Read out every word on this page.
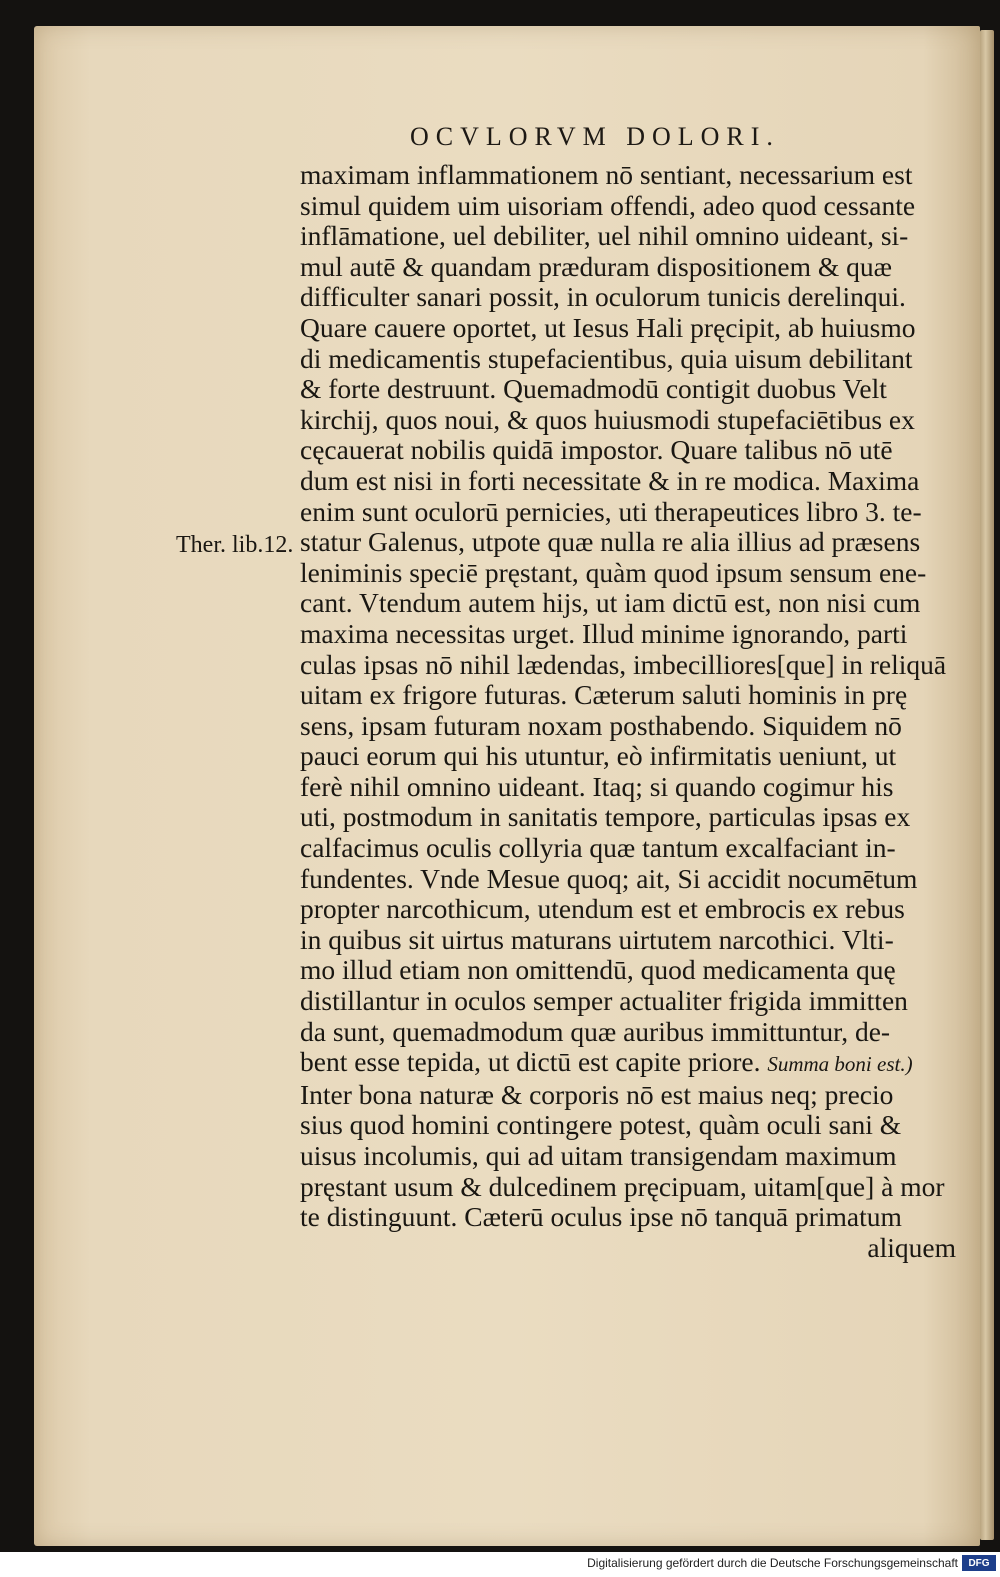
OCVLORVM DOLORI.
Ther. lib.12.
maximam inflammationem nō sentiant, necessarium est
simul quidem uim uisoriam offendi, adeo quod cessante
inflāmatione, uel debiliter, uel nihil omnino uideant, si-
mul autē & quandam præduram dispositionem & quæ
difficulter sanari possit, in oculorum tunicis derelinqui.
Quare cauere oportet, ut Iesus Hali pręcipit, ab huiusmo
di medicamentis stupefacientibus, quia uisum debilitant
& forte destruunt. Quemadmodū contigit duobus Velt
kirchij, quos noui, & quos huiusmodi stupefaciētibus ex
cęcauerat nobilis quidā impostor. Quare talibus nō utē
dum est nisi in forti necessitate & in re modica. Maxima
enim sunt oculorū pernicies, uti therapeutices libro 3. te-
statur Galenus, utpote quæ nulla re alia illius ad præsens
leniminis speciē pręstant, quàm quod ipsum sensum ene-
cant. Vtendum autem hijs, ut iam dictū est, non nisi cum
maxima necessitas urget. Illud minime ignorando, parti
culas ipsas nō nihil lædendas, imbecilliores[que] in reliquā
uitam ex frigore futuras. Cæterum saluti hominis in prę
sens, ipsam futuram noxam posthabendo. Siquidem nō
pauci eorum qui his utuntur, eò infirmitatis ueniunt, ut
ferè nihil omnino uideant. Itaq; si quando cogimur his
uti, postmodum in sanitatis tempore, particulas ipsas ex
calfacimus oculis collyria quæ tantum excalfaciant in-
fundentes. Vnde Mesue quoq; ait, Si accidit nocumētum
propter narcothicum, utendum est et embrocis ex rebus
in quibus sit uirtus maturans uirtutem narcothici. Vlti-
mo illud etiam non omittendū, quod medicamenta quę
distillantur in oculos semper actualiter frigida immitten
da sunt, quemadmodum quæ auribus immittuntur, de-
bent esse tepida, ut dictū est capite priore. Summa boni est.)
Inter bona naturæ & corporis nō est maius neq; precio
sius quod homini contingere potest, quàm oculi sani &
uisus incolumis, qui ad uitam transigendam maximum
pręstant usum & dulcedinem pręcipuam, uitam[que] à mor
te distinguunt. Cæterū oculus ipse nō tanquā primatum
aliquem
Digitalisierung gefördert durch die Deutsche Forschungsgemeinschaft	DFG
